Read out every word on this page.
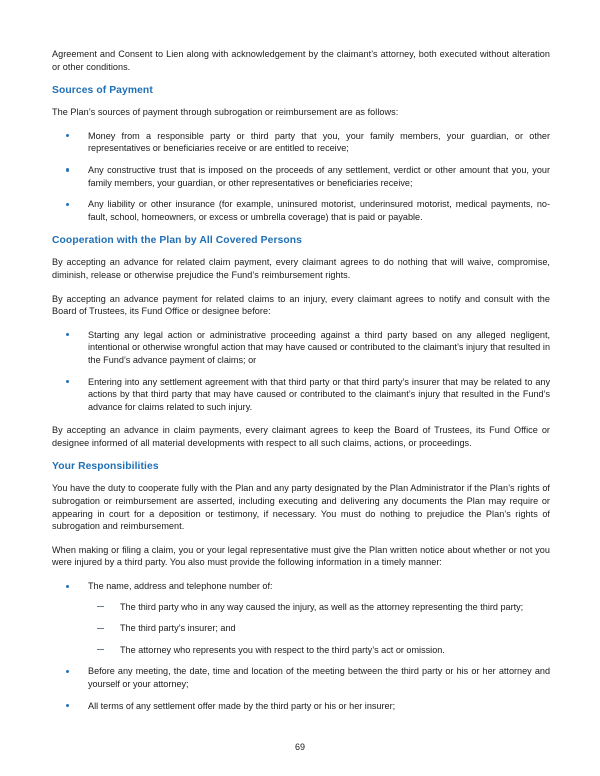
Agreement and Consent to Lien along with acknowledgement by the claimant’s attorney, both executed without alteration or other conditions.

Sources of Payment

The Plan’s sources of payment through subrogation or reimbursement are as follows:

Money from a responsible party or third party that you, your family members, your guardian, or other representatives or beneficiaries receive or are entitled to receive;
Any constructive trust that is imposed on the proceeds of any settlement, verdict or other amount that you, your family members, your guardian, or other representatives or beneficiaries receive;
Any liability or other insurance (for example, uninsured motorist, underinsured motorist, medical payments, no-fault, school, homeowners, or excess or umbrella coverage) that is paid or payable.
Cooperation with the Plan by All Covered Persons

By accepting an advance for related claim payment, every claimant agrees to do nothing that will waive, compromise, diminish, release or otherwise prejudice the Fund’s reimbursement rights.

By accepting an advance payment for related claims to an injury, every claimant agrees to notify and consult with the Board of Trustees, its Fund Office or designee before:

Starting any legal action or administrative proceeding against a third party based on any alleged negligent, intentional or otherwise wrongful action that may have caused or contributed to the claimant’s injury that resulted in the Fund’s advance payment of claims; or
Entering into any settlement agreement with that third party or that third party’s insurer that may be related to any actions by that third party that may have caused or contributed to the claimant’s injury that resulted in the Fund’s advance for claims related to such injury.

By accepting an advance in claim payments, every claimant agrees to keep the Board of Trustees, its Fund Office or designee informed of all material developments with respect to all such claims, actions, or proceedings.

Your Responsibilities

You have the duty to cooperate fully with the Plan and any party designated by the Plan Administrator if the Plan’s rights of subrogation or reimbursement are asserted, including executing and delivering any documents the Plan may require or appearing in court for a deposition or testimony, if necessary. You must do nothing to prejudice the Plan’s rights of subrogation and reimbursement.

When making or filing a claim, you or your legal representative must give the Plan written notice about whether or not you were injured by a third party. You also must provide the following information in a timely manner:

The name, address and telephone number of:
The third party who in any way caused the injury, as well as the attorney representing the third party;
The third party’s insurer; and
The attorney who represents you with respect to the third party’s act or omission.
Before any meeting, the date, time and location of the meeting between the third party or his or her attorney and yourself or your attorney;
All terms of any settlement offer made by the third party or his or her insurer;
69
